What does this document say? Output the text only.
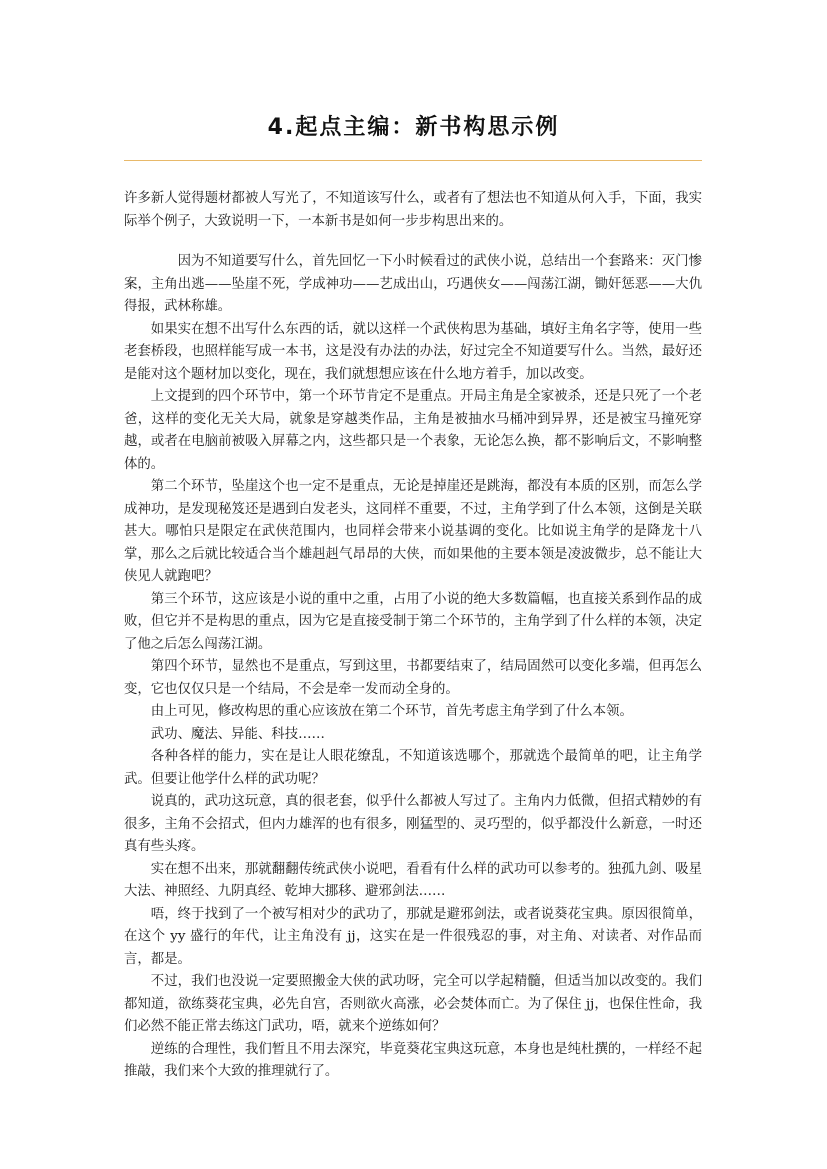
4.起点主编：新书构思示例

许多新人觉得题材都被人写光了，不知道该写什么，或者有了想法也不知道从何入手，下面，我实际举个例子，大致说明一下，一本新书是如何一步步构思出来的。

因为不知道要写什么，首先回忆一下小时候看过的武侠小说，总结出一个套路来：灭门惨案，主角出逃——坠崖不死，学成神功——艺成出山，巧遇侠女——闯荡江湖，锄奸惩恶——大仇得报，武林称雄。

如果实在想不出写什么东西的话，就以这样一个武侠构思为基础，填好主角名字等，使用一些老套桥段，也照样能写成一本书，这是没有办法的办法，好过完全不知道要写什么。当然，最好还是能对这个题材加以变化，现在，我们就想想应该在什么地方着手，加以改变。

上文提到的四个环节中，第一个环节肯定不是重点。开局主角是全家被杀，还是只死了一个老爸，这样的变化无关大局，就象是穿越类作品，主角是被抽水马桶冲到异界，还是被宝马撞死穿越，或者在电脑前被吸入屏幕之内，这些都只是一个表象，无论怎么换，都不影响后文，不影响整体的。

第二个环节，坠崖这个也一定不是重点，无论是掉崖还是跳海，都没有本质的区别，而怎么学成神功，是发现秘笈还是遇到白发老头，这同样不重要，不过，主角学到了什么本领，这倒是关联甚大。哪怕只是限定在武侠范围内，也同样会带来小说基调的变化。比如说主角学的是降龙十八掌，那么之后就比较适合当个雄赳赳气昂昂的大侠，而如果他的主要本领是凌波微步，总不能让大侠见人就跑吧？

第三个环节，这应该是小说的重中之重，占用了小说的绝大多数篇幅，也直接关系到作品的成败，但它并不是构思的重点，因为它是直接受制于第二个环节的，主角学到了什么样的本领，决定了他之后怎么闯荡江湖。

第四个环节，显然也不是重点，写到这里，书都要结束了，结局固然可以变化多端，但再怎么变，它也仅仅只是一个结局，不会是牵一发而动全身的。

由上可见，修改构思的重心应该放在第二个环节，首先考虑主角学到了什么本领。

武功、魔法、异能、科技……

各种各样的能力，实在是让人眼花缭乱，不知道该选哪个，那就选个最简单的吧，让主角学武。但要让他学什么样的武功呢？

说真的，武功这玩意，真的很老套，似乎什么都被人写过了。主角内力低微，但招式精妙的有很多，主角不会招式，但内力雄浑的也有很多，刚猛型的、灵巧型的，似乎都没什么新意，一时还真有些头疼。

实在想不出来，那就翻翻传统武侠小说吧，看看有什么样的武功可以参考的。独孤九剑、吸星大法、神照经、九阴真经、乾坤大挪移、避邪剑法……

唔，终于找到了一个被写相对少的武功了，那就是避邪剑法，或者说葵花宝典。原因很简单，在这个 yy 盛行的年代，让主角没有 jj，这实在是一件很残忍的事，对主角、对读者、对作品而言，都是。

不过，我们也没说一定要照搬金大侠的武功呀，完全可以学起精髓，但适当加以改变的。我们都知道，欲练葵花宝典，必先自宫，否则欲火高涨，必会焚体而亡。为了保住 jj，也保住性命，我们必然不能正常去练这门武功，唔，就来个逆练如何？

逆练的合理性，我们暂且不用去深究，毕竟葵花宝典这玩意，本身也是纯杜撰的，一样经不起推敲，我们来个大致的推理就行了。
